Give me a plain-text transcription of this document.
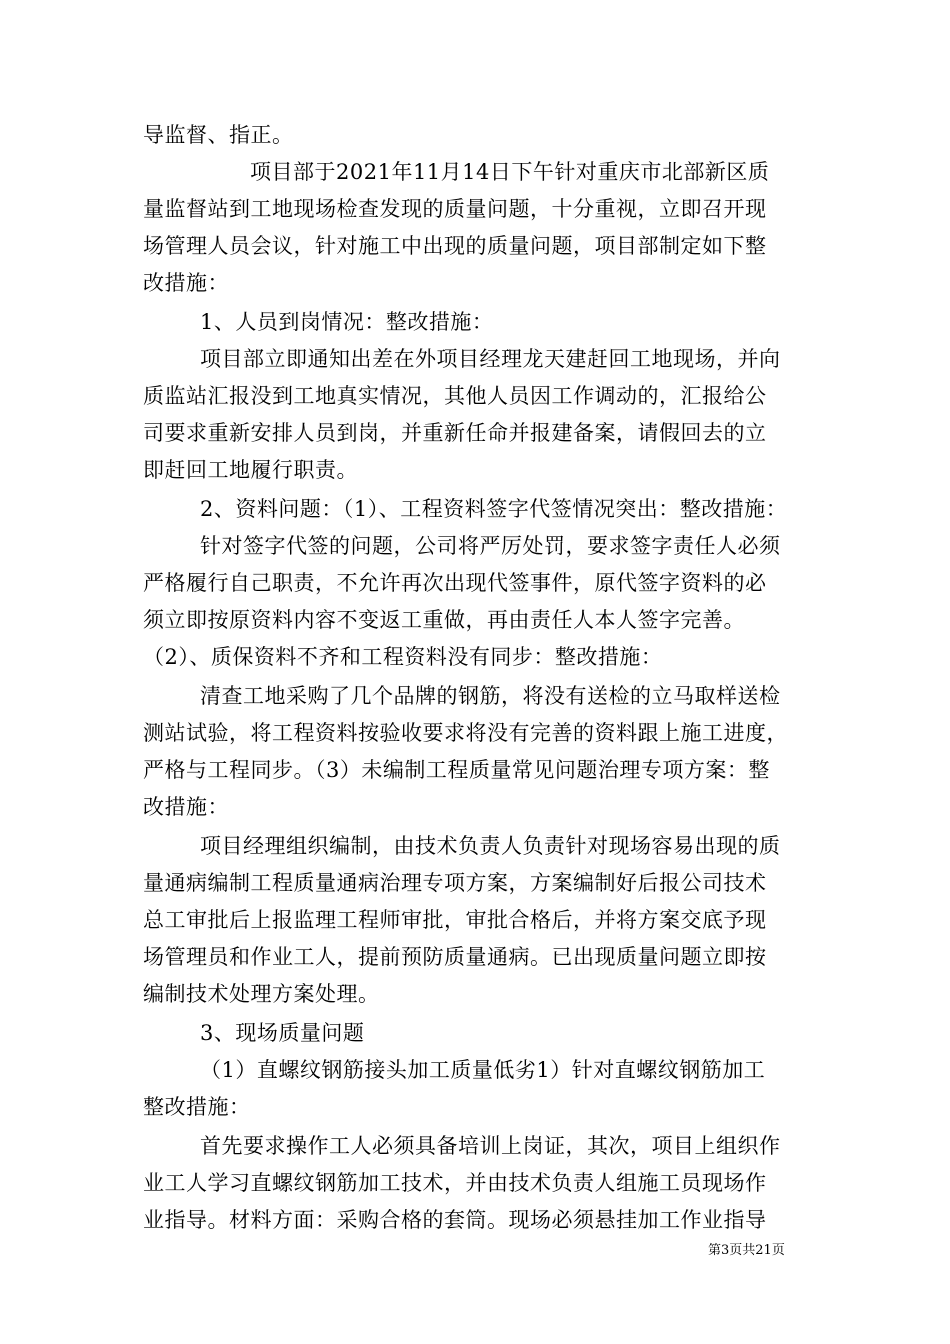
导监督、指正。
项目部于2021年11月14日下午针对重庆市北部新区质
量监督站到工地现场检查发现的质量问题，十分重视，立即召开现
场管理人员会议，针对施工中出现的质量问题，项目部制定如下整
改措施：
1、人员到岗情况：整改措施：
项目部立即通知出差在外项目经理龙天建赶回工地现场，并向
质监站汇报没到工地真实情况，其他人员因工作调动的，汇报给公
司要求重新安排人员到岗，并重新任命并报建备案，请假回去的立
即赶回工地履行职责。
2、资料问题：（1）、工程资料签字代签情况突出：整改措施：
针对签字代签的问题，公司将严厉处罚，要求签字责任人必须
严格履行自己职责，不允许再次出现代签事件，原代签字资料的必
须立即按原资料内容不变返工重做，再由责任人本人签字完善。
（2）、质保资料不齐和工程资料没有同步：整改措施：
清查工地采购了几个品牌的钢筋，将没有送检的立马取样送检
测站试验，将工程资料按验收要求将没有完善的资料跟上施工进度，
严格与工程同步。（3）未编制工程质量常见问题治理专项方案：整
改措施：
项目经理组织编制，由技术负责人负责针对现场容易出现的质
量通病编制工程质量通病治理专项方案，方案编制好后报公司技术
总工审批后上报监理工程师审批，审批合格后，并将方案交底予现
场管理员和作业工人，提前预防质量通病。已出现质量问题立即按
编制技术处理方案处理。
3、现场质量问题
（1）直螺纹钢筋接头加工质量低劣1）针对直螺纹钢筋加工
整改措施：
首先要求操作工人必须具备培训上岗证，其次，项目上组织作
业工人学习直螺纹钢筋加工技术，并由技术负责人组施工员现场作
业指导。材料方面：采购合格的套筒。现场必须悬挂加工作业指导
第3页共21页
